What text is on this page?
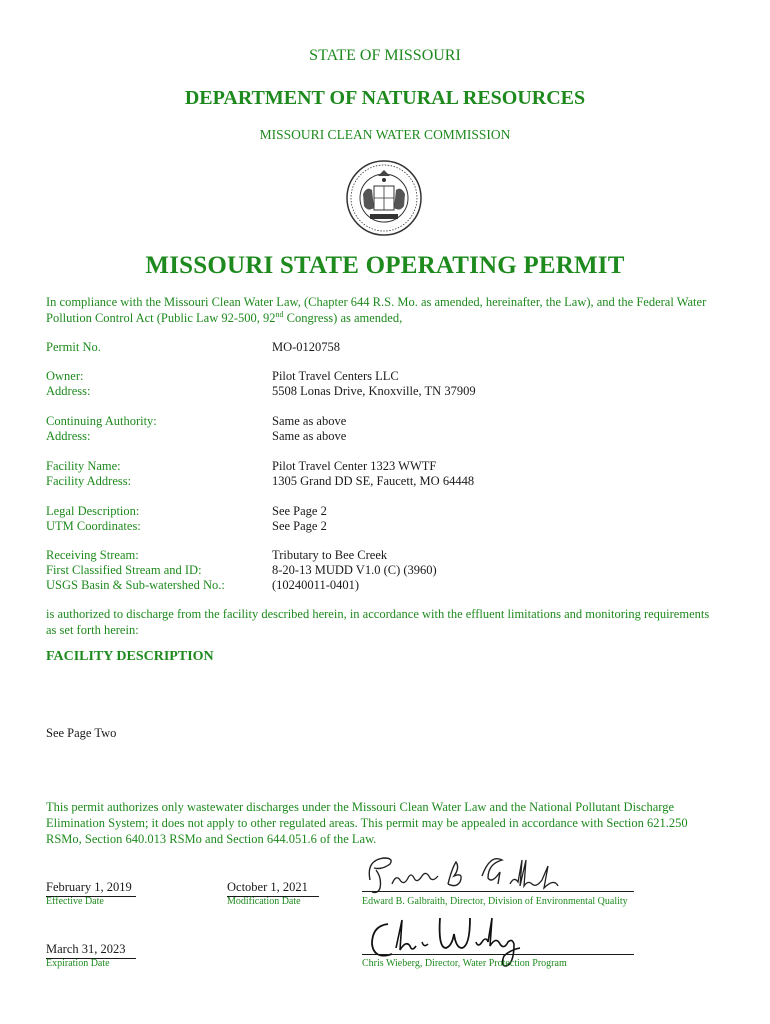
STATE OF MISSOURI
DEPARTMENT OF NATURAL RESOURCES
MISSOURI CLEAN WATER COMMISSION
MISSOURI STATE OPERATING PERMIT
In compliance with the Missouri Clean Water Law, (Chapter 644 R.S. Mo. as amended, hereinafter, the Law), and the Federal Water
Pollution Control Act (Public Law 92-500, 92nd Congress) as amended,
Permit No.	MO-0120758
Owner:	Pilot Travel Centers LLC
Address:	5508 Lonas Drive, Knoxville, TN 37909
Continuing Authority:	Same as above
Address:	Same as above
Facility Name:	Pilot Travel Center 1323 WWTF
Facility Address:	1305 Grand DD SE, Faucett, MO 64448
Legal Description:	See Page 2
UTM Coordinates:	See Page 2
Receiving Stream:	Tributary to Bee Creek
First Classified Stream and ID:	8-20-13 MUDD V1.0 (C) (3960)
USGS Basin & Sub-watershed No.:	(10240011-0401)
is authorized to discharge from the facility described herein, in accordance with the effluent limitations and monitoring requirements
as set forth herein:
FACILITY DESCRIPTION
See Page Two
This permit authorizes only wastewater discharges under the Missouri Clean Water Law and the National Pollutant Discharge
Elimination System; it does not apply to other regulated areas. This permit may be appealed in accordance with Section 621.250
RSMo, Section 640.013 RSMo and Section 644.051.6 of the Law.
February 1, 2019
Effective Date
October 1, 2021
Modification Date	Edward B. Galbraith, Director, Division of Environmental Quality
March 31, 2023
Expiration Date	Chris Wieberg, Director, Water Protection Program
